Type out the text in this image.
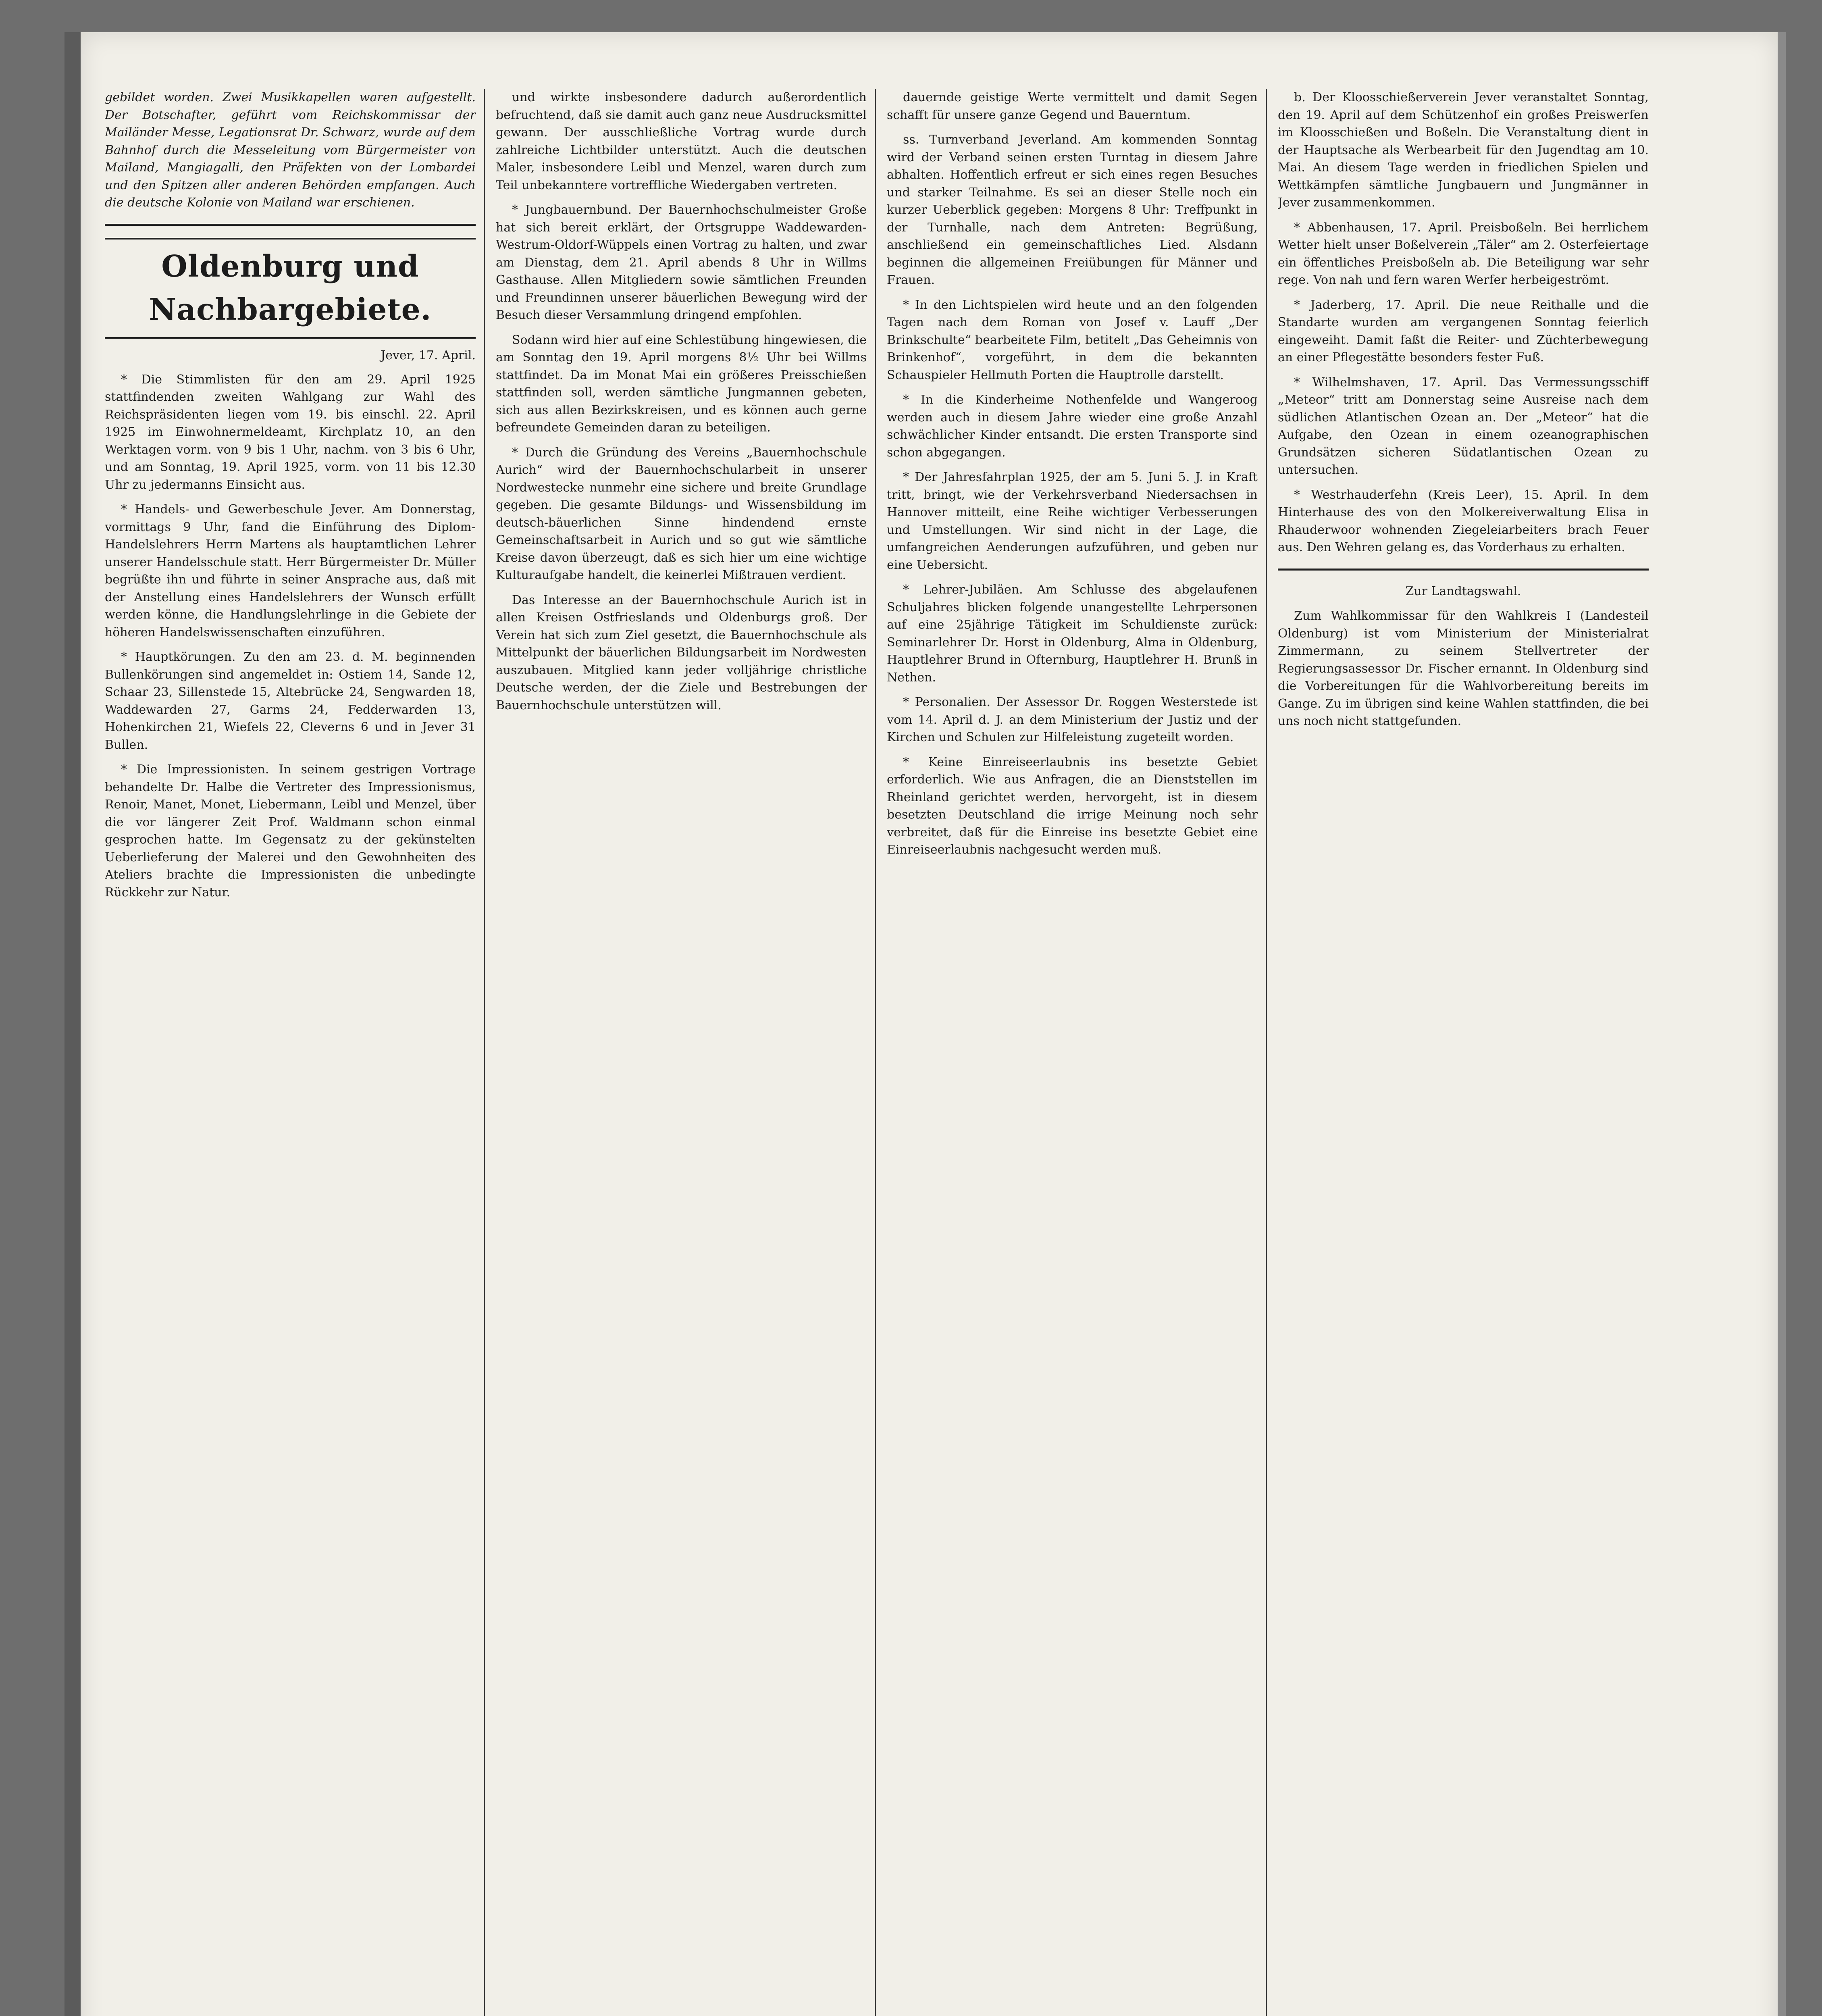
gebildet worden. Zwei Musikkapellen waren aufgestellt. Der Botschafter, geführt vom Reichskommissar der Mailänder Messe, Legationsrat Dr. Schwarz, wurde auf dem Bahnhof durch die Messeleitung vom Bürgermeister von Mailand, Mangiagalli, den Präfekten von der Lombardei und den Spitzen aller anderen Behörden empfangen. Auch die deutsche Kolonie von Mailand war erschienen.

Oldenburg und Nachbargebiete.
Jever, 17. April.

* Die Stimmlisten für den am 29. April 1925 stattfindenden zweiten Wahlgang zur Wahl des Reichspräsidenten liegen vom 19. bis einschl. 22. April 1925 im Einwohnermeldeamt, Kirchplatz 10, an den Werktagen vorm. von 9 bis 1 Uhr, nachm. von 3 bis 6 Uhr, und am Sonntag, 19. April 1925, vorm. von 11 bis 12.30 Uhr zu jedermanns Einsicht aus.

* Handels- und Gewerbeschule Jever. Am Donnerstag, vormittags 9 Uhr, fand die Einführung des Diplom-Handelslehrers Herrn Martens als hauptamtlichen Lehrer unserer Handelsschule statt. Herr Bürgermeister Dr. Müller begrüßte ihn und führte in seiner Ansprache aus, daß mit der Anstellung eines Handelslehrers der Wunsch erfüllt werden könne, die Handlungslehrlinge in die Gebiete der höheren Handelswissenschaften einzuführen.

* Hauptkörungen. Zu den am 23. d. M. beginnenden Bullenkörungen sind angemeldet in: Ostiem 14, Sande 12, Schaar 23, Sillenstede 15, Altebrücke 24, Sengwarden 18, Waddewarden 27, Garms 24, Fedderwarden 13, Hohenkirchen 21, Wiefels 22, Cleverns 6 und in Jever 31 Bullen.

* Die Impressionisten. In seinem gestrigen Vortrage behandelte Dr. Halbe die Vertreter des Impressionismus, Renoir, Manet, Monet, Liebermann, Leibl und Menzel, über die vor längerer Zeit Prof. Waldmann schon einmal gesprochen hatte. Im Gegensatz zu der gekünstelten Ueberlieferung der Malerei und den Gewohnheiten des Ateliers brachte die Impressionisten die unbedingte Rückkehr zur Natur.

und wirkte insbesondere dadurch außerordentlich befruchtend, daß sie damit auch ganz neue Ausdrucksmittel gewann. Der ausschließliche Vortrag wurde durch zahlreiche Lichtbilder unterstützt. Auch die deutschen Maler, insbesondere Leibl und Menzel, waren durch zum Teil unbekanntere vortreffliche Wiedergaben vertreten.

* Jungbauernbund. Der Bauernhochschulmeister Große hat sich bereit erklärt, der Ortsgruppe Waddewarden-Westrum-Oldorf-Wüppels einen Vortrag zu halten, und zwar am Dienstag, dem 21. April abends 8 Uhr in Willms Gasthause. Allen Mitgliedern sowie sämtlichen Freunden und Freundinnen unserer bäuerlichen Bewegung wird der Besuch dieser Versammlung dringend empfohlen.

Sodann wird hier auf eine Schlestübung hingewiesen, die am Sonntag den 19. April morgens 8½ Uhr bei Willms stattfindet. Da im Monat Mai ein größeres Preisschießen stattfinden soll, werden sämtliche Jungmannen gebeten, sich aus allen Bezirkskreisen, und es können auch gerne befreundete Gemeinden daran zu beteiligen.

* Durch die Gründung des Vereins „Bauernhochschule Aurich“ wird der Bauernhochschularbeit in unserer Nordwestecke nunmehr eine sichere und breite Grundlage gegeben. Die gesamte Bildungs- und Wissensbildung im deutsch-bäuerlichen Sinne hindendend ernste Gemeinschaftsarbeit in Aurich und so gut wie sämtliche Kreise davon überzeugt, daß es sich hier um eine wichtige Kulturaufgabe handelt, die keinerlei Mißtrauen verdient.

Das Interesse an der Bauernhochschule Aurich ist in allen Kreisen Ostfrieslands und Oldenburgs groß. Der Verein hat sich zum Ziel gesetzt, die Bauernhochschule als Mittelpunkt der bäuerlichen Bildungsarbeit im Nordwesten auszubauen. Mitglied kann jeder volljährige christliche Deutsche werden, der die Ziele und Bestrebungen der Bauernhochschule unterstützen will.

dauernde geistige Werte vermittelt und damit Segen schafft für unsere ganze Gegend und Bauerntum.

ss. Turnverband Jeverland. Am kommenden Sonntag wird der Verband seinen ersten Turntag in diesem Jahre abhalten. Hoffentlich erfreut er sich eines regen Besuches und starker Teilnahme. Es sei an dieser Stelle noch ein kurzer Ueberblick gegeben: Morgens 8 Uhr: Treffpunkt in der Turnhalle, nach dem Antreten: Begrüßung, anschließend ein gemeinschaftliches Lied. Alsdann beginnen die allgemeinen Freiübungen für Männer und Frauen.

* In den Lichtspielen wird heute und an den folgenden Tagen nach dem Roman von Josef v. Lauff „Der Brinkschulte“ bearbeitete Film, betitelt „Das Geheimnis von Brinkenhof“, vorgeführt, in dem die bekannten Schauspieler Hellmuth Porten die Hauptrolle darstellt.

* In die Kinderheime Nothenfelde und Wangeroog werden auch in diesem Jahre wieder eine große Anzahl schwächlicher Kinder entsandt. Die ersten Transporte sind schon abgegangen.

* Der Jahresfahrplan 1925, der am 5. Juni 5. J. in Kraft tritt, bringt, wie der Verkehrsverband Niedersachsen in Hannover mitteilt, eine Reihe wichtiger Verbesserungen und Umstellungen. Wir sind nicht in der Lage, die umfangreichen Aenderungen aufzuführen, und geben nur eine Uebersicht.

* Lehrer-Jubiläen. Am Schlusse des abgelaufenen Schuljahres blicken folgende unangestellte Lehrpersonen auf eine 25jährige Tätigkeit im Schuldienste zurück: Seminarlehrer Dr. Horst in Oldenburg, Alma in Oldenburg, Hauptlehrer Brund in Ofternburg, Hauptlehrer H. Brunß in Nethen.

* Personalien. Der Assessor Dr. Roggen Westerstede ist vom 14. April d. J. an dem Ministerium der Justiz und der Kirchen und Schulen zur Hilfeleistung zugeteilt worden.

* Keine Einreiseerlaubnis ins besetzte Gebiet erforderlich. Wie aus Anfragen, die an Dienststellen im Rheinland gerichtet werden, hervorgeht, ist in diesem besetzten Deutschland die irrige Meinung noch sehr verbreitet, daß für die Einreise ins besetzte Gebiet eine Einreiseerlaubnis nachgesucht werden muß.

b. Der Kloosschießerverein Jever veranstaltet Sonntag, den 19. April auf dem Schützenhof ein großes Preiswerfen im Kloosschießen und Boßeln. Die Veranstaltung dient in der Hauptsache als Werbearbeit für den Jugendtag am 10. Mai. An diesem Tage werden in friedlichen Spielen und Wettkämpfen sämtliche Jungbauern und Jungmänner in Jever zusammenkommen.

* Abbenhausen, 17. April. Preisboßeln. Bei herrlichem Wetter hielt unser Boßelverein „Täler“ am 2. Osterfeiertage ein öffentliches Preisboßeln ab. Die Beteiligung war sehr rege. Von nah und fern waren Werfer herbeigeströmt.

* Jaderberg, 17. April. Die neue Reithalle und die Standarte wurden am vergangenen Sonntag feierlich eingeweiht. Damit faßt die Reiter- und Züchterbewegung an einer Pflegestätte besonders fester Fuß.

* Wilhelmshaven, 17. April. Das Vermessungsschiff „Meteor“ tritt am Donnerstag seine Ausreise nach dem südlichen Atlantischen Ozean an. Der „Meteor“ hat die Aufgabe, den Ozean in einem ozeanographischen Grundsätzen sicheren Südatlantischen Ozean zu untersuchen.

* Westrhauderfehn (Kreis Leer), 15. April. In dem Hinterhause des von den Molkereiverwaltung Elisa in Rhauderwoor wohnenden Ziegeleiarbeiters brach Feuer aus. Den Wehren gelang es, das Vorderhaus zu erhalten.

Zur Landtagswahl.

Zum Wahlkommissar für den Wahlkreis I (Landesteil Oldenburg) ist vom Ministerium der Ministerialrat Zimmermann, zu seinem Stellvertreter der Regierungsassessor Dr. Fischer ernannt. In Oldenburg sind die Vorbereitungen für die Wahlvorbereitung bereits im Gange. Zu im übrigen sind keine Wahlen stattfinden, die bei uns noch nicht stattgefunden.
